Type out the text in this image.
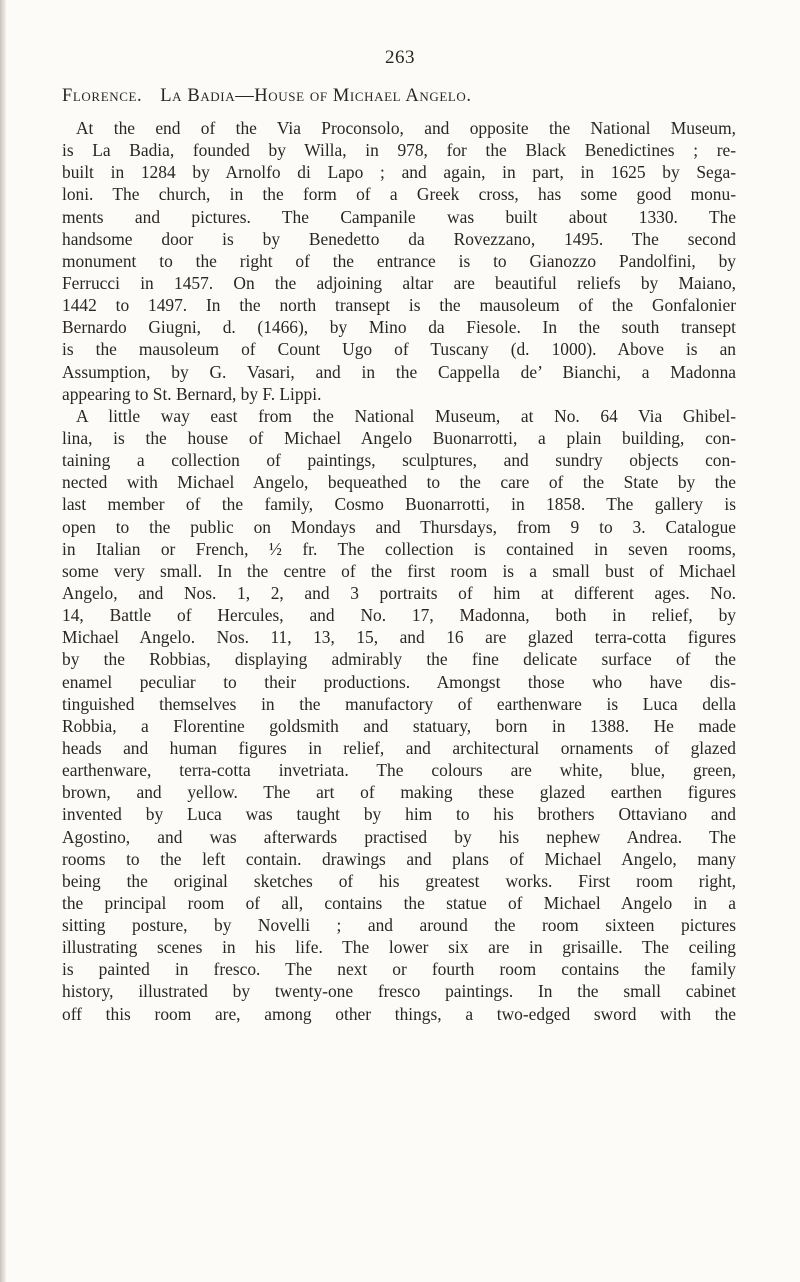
263
Florence. La Badia—House of Michael Angelo.
At the end of the Via Proconsolo, and opposite the National Museum,
is La Badia, founded by Willa, in 978, for the Black Benedictines ; re-
built in 1284 by Arnolfo di Lapo ; and again, in part, in 1625 by Sega-
loni. The church, in the form of a Greek cross, has some good monu-
ments and pictures. The Campanile was built about 1330. The
handsome door is by Benedetto da Rovezzano, 1495. The second
monument to the right of the entrance is to Gianozzo Pandolfini, by
Ferrucci in 1457. On the adjoining altar are beautiful reliefs by Maiano,
1442 to 1497. In the north transept is the mausoleum of the Gonfalonier
Bernardo Giugni, d. (1466), by Mino da Fiesole. In the south transept
is the mausoleum of Count Ugo of Tuscany (d. 1000). Above is an
Assumption, by G. Vasari, and in the Cappella de’ Bianchi, a Madonna
appearing to St. Bernard, by F. Lippi.
A little way east from the National Museum, at No. 64 Via Ghibel-
lina, is the house of Michael Angelo Buonarrotti, a plain building, con-
taining a collection of paintings, sculptures, and sundry objects con-
nected with Michael Angelo, bequeathed to the care of the State by the
last member of the family, Cosmo Buonarrotti, in 1858. The gallery is
open to the public on Mondays and Thursdays, from 9 to 3. Catalogue
in Italian or French, ½ fr. The collection is contained in seven rooms,
some very small. In the centre of the first room is a small bust of Michael
Angelo, and Nos. 1, 2, and 3 portraits of him at different ages. No.
14, Battle of Hercules, and No. 17, Madonna, both in relief, by
Michael Angelo. Nos. 11, 13, 15, and 16 are glazed terra-cotta figures
by the Robbias, displaying admirably the fine delicate surface of the
enamel peculiar to their productions. Amongst those who have dis-
tinguished themselves in the manufactory of earthenware is Luca della
Robbia, a Florentine goldsmith and statuary, born in 1388. He made
heads and human figures in relief, and architectural ornaments of glazed
earthenware, terra-cotta invetriata. The colours are white, blue, green,
brown, and yellow. The art of making these glazed earthen figures
invented by Luca was taught by him to his brothers Ottaviano and
Agostino, and was afterwards practised by his nephew Andrea. The
rooms to the left contain. drawings and plans of Michael Angelo, many
being the original sketches of his greatest works. First room right,
the principal room of all, contains the statue of Michael Angelo in a
sitting posture, by Novelli ; and around the room sixteen pictures
illustrating scenes in his life. The lower six are in grisaille. The ceiling
is painted in fresco. The next or fourth room contains the family
history, illustrated by twenty-one fresco paintings. In the small cabinet
off this room are, among other things, a two-edged sword with the
